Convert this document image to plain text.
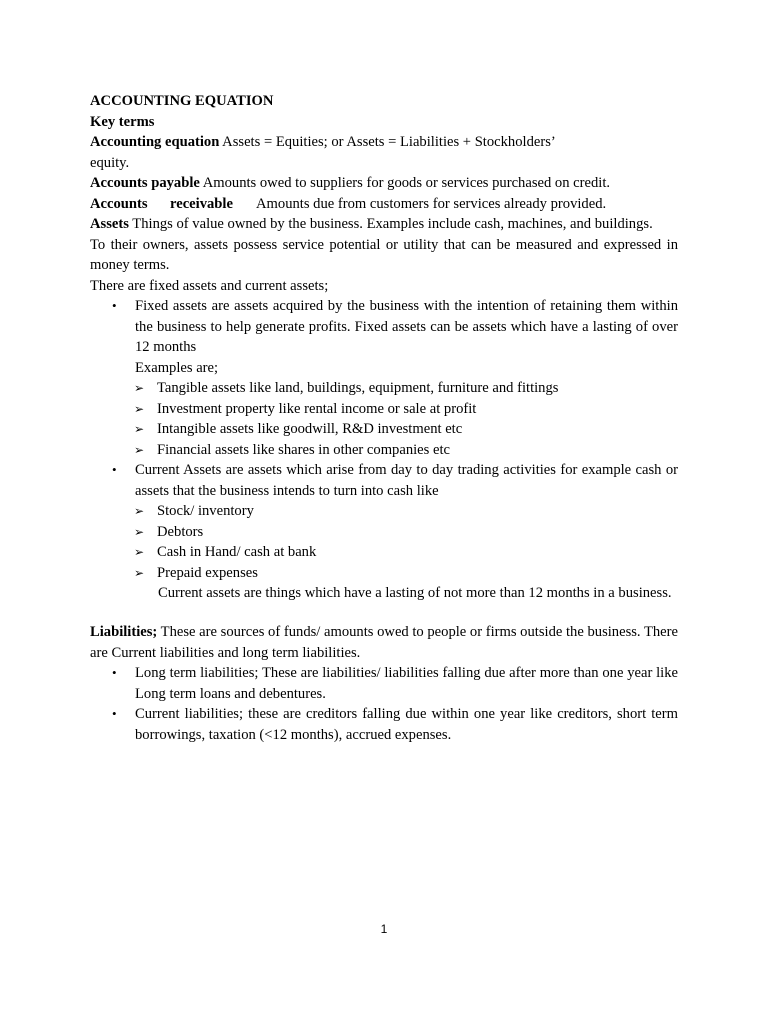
ACCOUNTING EQUATION

Key terms

Accounting equation Assets = Equities; or Assets = Liabilities + Stockholders’
equity.

Accounts payable Amounts owed to suppliers for goods or services purchased on credit.

Accounts receivable Amounts due from customers for services already provided.

Assets Things of value owned by the business. Examples include cash, machines, and buildings.

To their owners, assets possess service potential or utility that can be measured and expressed in money terms.

There are fixed assets and current assets;

• Fixed assets are assets acquired by the business with the intention of retaining them within the business to help generate profits. Fixed assets can be assets which have a lasting of over 12 months

Examples are;

➢ Tangible assets like land, buildings, equipment, furniture and fittings
➢ Investment property like rental income or sale at profit
➢ Intangible assets like goodwill, R&D investment etc
➢ Financial assets like shares in other companies etc
• Current Assets are assets which arise from day to day trading activities for example cash or assets that the business intends to turn into cash like

➢ Stock/ inventory
➢ Debtors
➢ Cash in Hand/ cash at bank
➢ Prepaid expenses

Current assets are things which have a lasting of not more than 12 months in a business.

Liabilities; These are sources of funds/ amounts owed to people or firms outside the business. There are Current liabilities and long term liabilities.

• Long term liabilities; These are liabilities/ liabilities falling due after more than one year like Long term loans and debentures.

• Current liabilities; these are creditors falling due within one year like creditors, short term borrowings, taxation (<12 months), accrued expenses.

1
